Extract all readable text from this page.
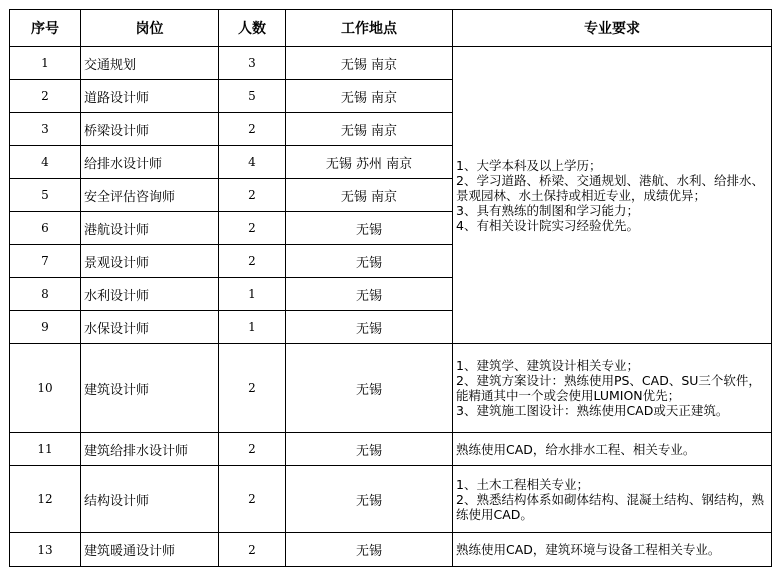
序号	岗位	人数	工作地点	专业要求
1	交通规划	3	无锡 南京	1、大学本科及以上学历；
2、学习道路、桥梁、交通规划、港航、水利、给排水、景观园林、水土保持或相近专业，成绩优异；
3、具有熟练的制图和学习能力；
4、有相关设计院实习经验优先。

2	道路设计师	5	无锡 南京	
3	桥梁设计师	2	无锡 南京	
4	给排水设计师	4	无锡 苏州 南京	
5	安全评估咨询师	2	无锡 南京	
6	港航设计师	2	无锡	
7	景观设计师	2	无锡	
8	水利设计师	1	无锡	
9	水保设计师	1	无锡	
10	建筑设计师	2	无锡	1、建筑学、建筑设计相关专业；
2、建筑方案设计：熟练使用PS、CAD、SU三个软件，能精通其中一个或会使用LUMION优先；
3、建筑施工图设计：熟练使用CAD或天正建筑。

11	建筑给排水设计师	2	无锡	熟练使用CAD，给水排水工程、相关专业。
12	结构设计师	2	无锡	1、土木工程相关专业；
2、熟悉结构体系如砌体结构、混凝土结构、钢结构，熟练使用CAD。

13	建筑暖通设计师	2	无锡	熟练使用CAD，建筑环境与设备工程相关专业。
